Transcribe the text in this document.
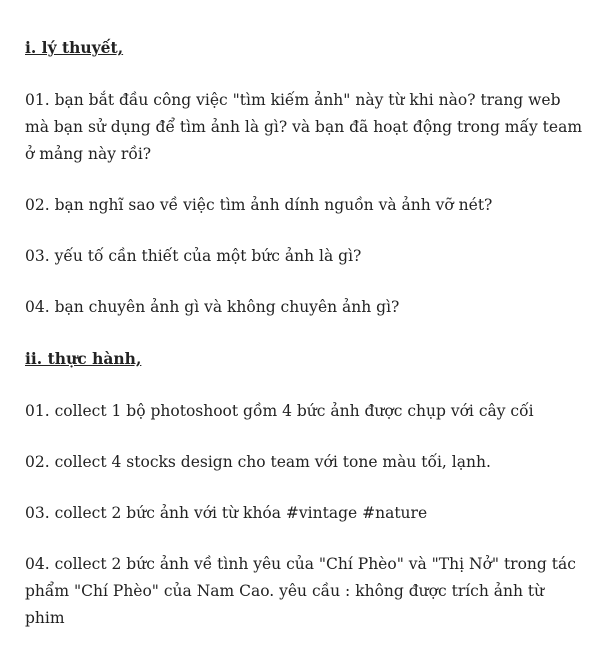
i. lý thuyết,
01. bạn bắt đầu công việc "tìm kiếm ảnh" này từ khi nào? trang web mà bạn sử dụng để tìm ảnh là gì? và bạn đã hoạt động trong mấy team ở mảng này rồi?
02. bạn nghĩ sao về việc tìm ảnh dính nguồn và ảnh vỡ nét?
03. yếu tố cần thiết của một bức ảnh là gì?
04. bạn chuyên ảnh gì và không chuyên ảnh gì?
ii. thực hành,
01. collect 1 bộ photoshoot gồm 4 bức ảnh được chụp với cây cối
02. collect 4 stocks design cho team với tone màu tối, lạnh.
03. collect 2 bức ảnh với từ khóa #vintage #nature
04. collect 2 bức ảnh về tình yêu của "Chí Phèo" và "Thị Nở" trong tác phẩm "Chí Phèo" của Nam Cao. yêu cầu : không được trích ảnh từ phim
